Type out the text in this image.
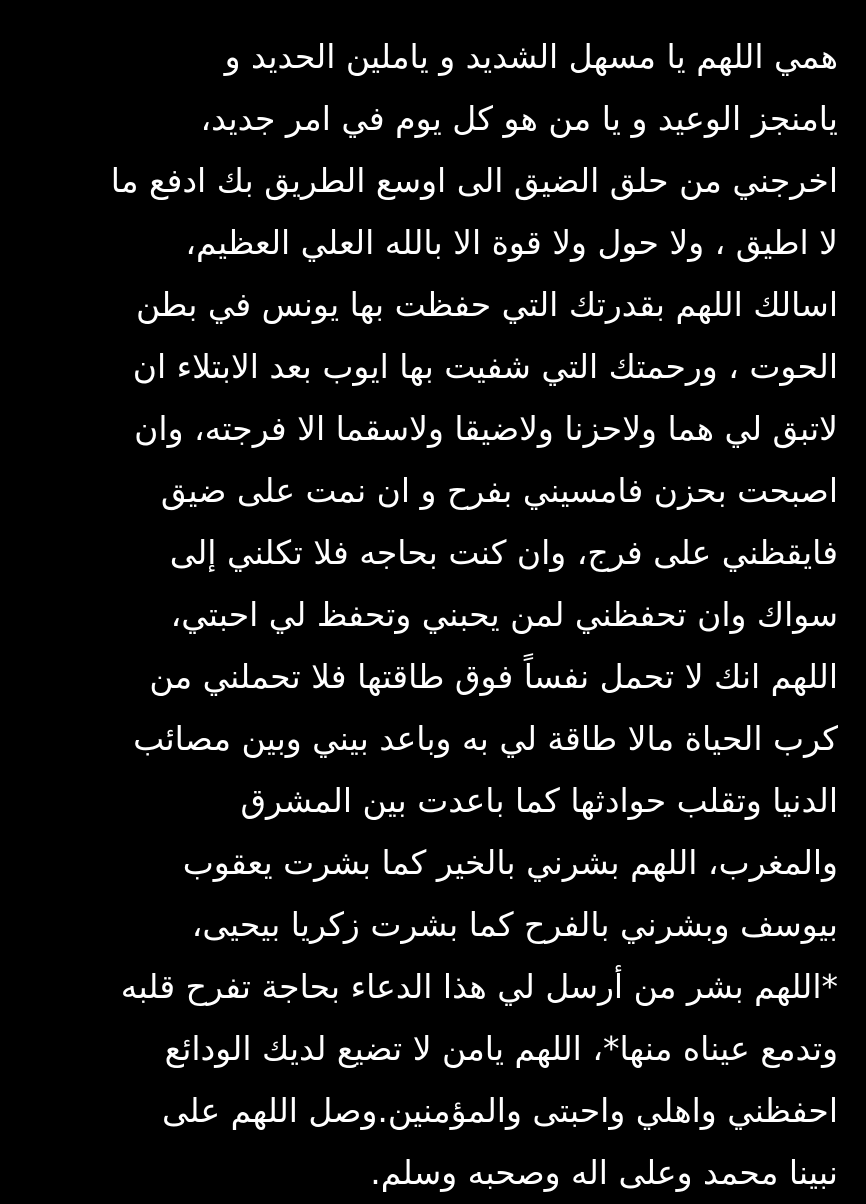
همي اللهم يا مسهل الشديد و ياملين الحديد و
يامنجز الوعيد و يا من هو كل يوم في امر جديد،
اخرجني من حلق الضيق الى اوسع الطريق بك ادفع ما
لا اطيق ، ولا حول ولا قوة الا بالله العلي العظيم،
اسالك اللهم بقدرتك التي حفظت بها يونس في بطن
الحوت ، ورحمتك التي شفيت بها ايوب بعد الابتلاء ان
لاتبق لي هما ولاحزنا ولاضيقا ولاسقما الا فرجته، وان
اصبحت بحزن فامسيني بفرح و ان نمت على ضيق
فايقظني على فرج، وان كنت بحاجه فلا تكلني إلى
سواك وان تحفظني لمن يحبني وتحفظ لي احبتي،
اللهم انك لا تحمل نفساً فوق طاقتها فلا تحملني من
كرب الحياة مالا طاقة لي به وباعد بيني وبين مصائب
الدنيا وتقلب حوادثها كما باعدت بين المشرق
والمغرب، اللهم بشرني بالخير كما بشرت يعقوب
بيوسف وبشرني بالفرح كما بشرت زكريا بيحيى،
*اللهم بشر من أرسل لي هذا الدعاء بحاجة تفرح قلبه
وتدمع عيناه منها*، اللهم يامن لا تضيع لديك الودائع
احفظني واهلي واحبتى والمؤمنين.وصل اللهم على
نبينا محمد وعلى اله وصحبه وسلم.
